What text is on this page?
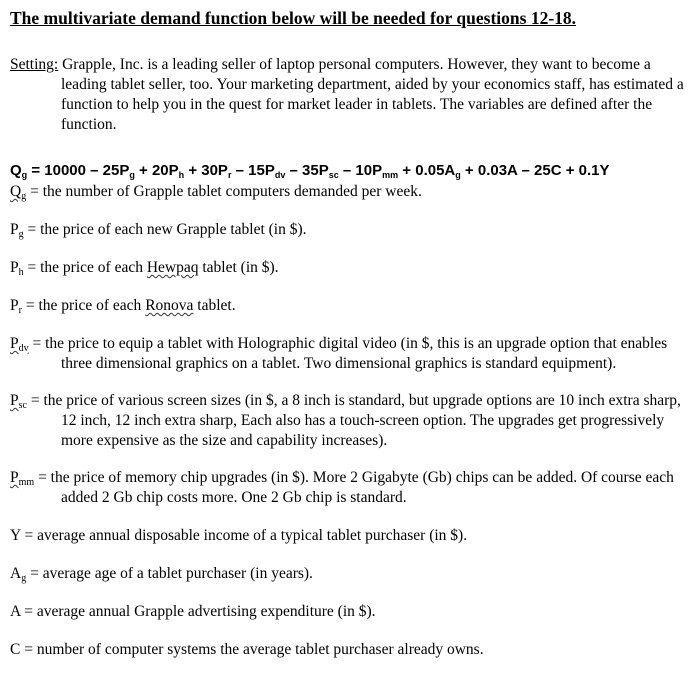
The multivariate demand function below will be needed for questions 12-18.

Setting: Grapple, Inc. is a leading seller of laptop personal computers. However, they want to become a leading tablet seller, too. Your marketing department, aided by your economics staff, has estimated a function to help you in the quest for market leader in tablets. The variables are defined after the function.

$Q_g = 10000 - 25P_g + 20P_h + 30P_r - 15P_{dv} - 35P_{sc} - 10P_{mm} + 0.05A_g + 0.03A - 25C + 0.1Y$

$Q_g$ = the number of Grapple tablet computers demanded per week.

$P_g$ = the price of each new Grapple tablet (in $).

$P_h$ = the price of each Hewpaq tablet (in $).

$P_r$ = the price of each Ronova tablet.

$P_{dv}$ = the price to equip a tablet with Holographic digital video (in $, this is an upgrade option that enables three dimensional graphics on a tablet. Two dimensional graphics is standard equipment).

$P_{sc}$ = the price of various screen sizes (in $, a 8 inch is standard, but upgrade options are 10 inch extra sharp, 12 inch, 12 inch extra sharp, Each also has a touch-screen option. The upgrades get progressively more expensive as the size and capability increases).

$P_{mm}$ = the price of memory chip upgrades (in $). More 2 Gigabyte (Gb) chips can be added. Of course each added 2 Gb chip costs more. One 2 Gb chip is standard.

Y = average annual disposable income of a typical tablet purchaser (in $).

$A_g$ = average age of a tablet purchaser (in years).

A = average annual Grapple advertising expenditure (in $).

C = number of computer systems the average tablet purchaser already owns.
